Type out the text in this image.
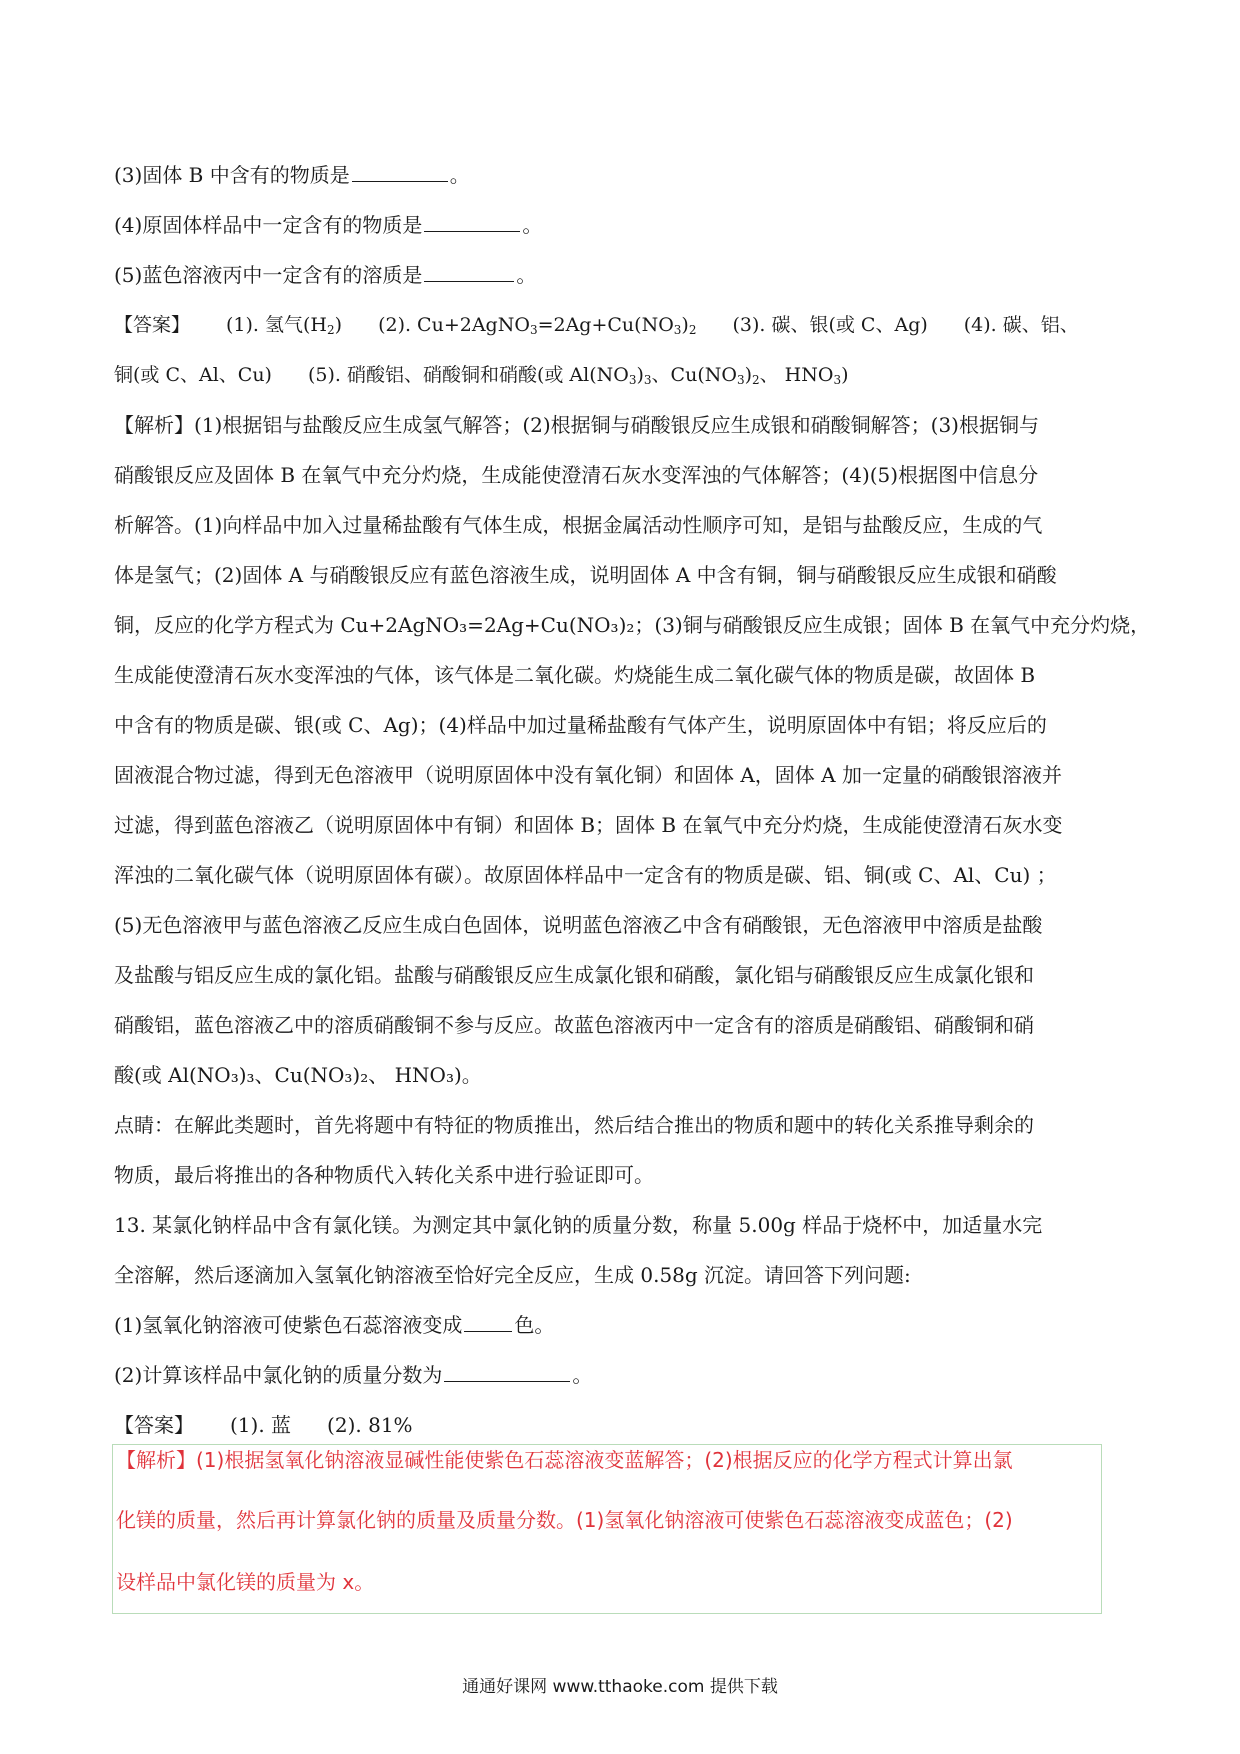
(3)固体 B 中含有的物质是	。
(4)原固体样品中一定含有的物质是	。
(5)蓝色溶液丙中一定含有的溶质是	。
【答案】 (1). 氢气$(H_2)$ (2). $Cu+2AgNO_3=2Ag+Cu(NO_3)_2$ (3). 碳、银(或 C、Ag) (4). 碳、铝、
铜(或 C、Al、Cu) (5). 硝酸铝、硝酸铜和硝酸(或 $Al(NO_3)_3$、$Cu(NO_3)_2$、 $HNO_3$)
【解析】(1)根据铝与盐酸反应生成氢气解答；(2)根据铜与硝酸银反应生成银和硝酸铜解答；(3)根据铜与
硝酸银反应及固体 B 在氧气中充分灼烧，生成能使澄清石灰水变浑浊的气体解答；(4)(5)根据图中信息分
析解答。(1)向样品中加入过量稀盐酸有气体生成，根据金属活动性顺序可知，是铝与盐酸反应，生成的气
体是氢气；(2)固体 A 与硝酸银反应有蓝色溶液生成，说明固体 A 中含有铜，铜与硝酸银反应生成银和硝酸
铜，反应的化学方程式为 Cu+2AgNO₃=2Ag+Cu(NO₃)₂；(3)铜与硝酸银反应生成银；固体 B 在氧气中充分灼烧，
生成能使澄清石灰水变浑浊的气体，该气体是二氧化碳。灼烧能生成二氧化碳气体的物质是碳，故固体 B
中含有的物质是碳、银(或 C、Ag)；(4)样品中加过量稀盐酸有气体产生，说明原固体中有铝；将反应后的
固液混合物过滤，得到无色溶液甲（说明原固体中没有氧化铜）和固体 A，固体 A 加一定量的硝酸银溶液并
过滤，得到蓝色溶液乙（说明原固体中有铜）和固体 B；固体 B 在氧气中充分灼烧，生成能使澄清石灰水变
浑浊的二氧化碳气体（说明原固体有碳）。故原固体样品中一定含有的物质是碳、铝、铜(或 C、Al、Cu) ；
(5)无色溶液甲与蓝色溶液乙反应生成白色固体，说明蓝色溶液乙中含有硝酸银，无色溶液甲中溶质是盐酸
及盐酸与铝反应生成的氯化铝。盐酸与硝酸银反应生成氯化银和硝酸，氯化铝与硝酸银反应生成氯化银和
硝酸铝，蓝色溶液乙中的溶质硝酸铜不参与反应。故蓝色溶液丙中一定含有的溶质是硝酸铝、硝酸铜和硝
酸(或 Al(NO₃)₃、Cu(NO₃)₂、 HNO₃)。
点睛：在解此类题时，首先将题中有特征的物质推出，然后结合推出的物质和题中的转化关系推导剩余的
物质，最后将推出的各种物质代入转化关系中进行验证即可。
13. 某氯化钠样品中含有氯化镁。为测定其中氯化钠的质量分数，称量 5.00g 样品于烧杯中，加适量水完
全溶解，然后逐滴加入氢氧化钠溶液至恰好完全反应，生成 0.58g 沉淀。请回答下列问题:
(1)氢氧化钠溶液可使紫色石蕊溶液变成	色。
(2)计算该样品中氯化钠的质量分数为	。
【答案】 (1). 蓝 (2). 81%
【解析】(1)根据氢氧化钠溶液显碱性能使紫色石蕊溶液变蓝解答；(2)根据反应的化学方程式计算出氯
化镁的质量，然后再计算氯化钠的质量及质量分数。(1)氢氧化钠溶液可使紫色石蕊溶液变成蓝色；(2)
设样品中氯化镁的质量为 x。
通通好课网 www.tthaoke.com 提供下载
